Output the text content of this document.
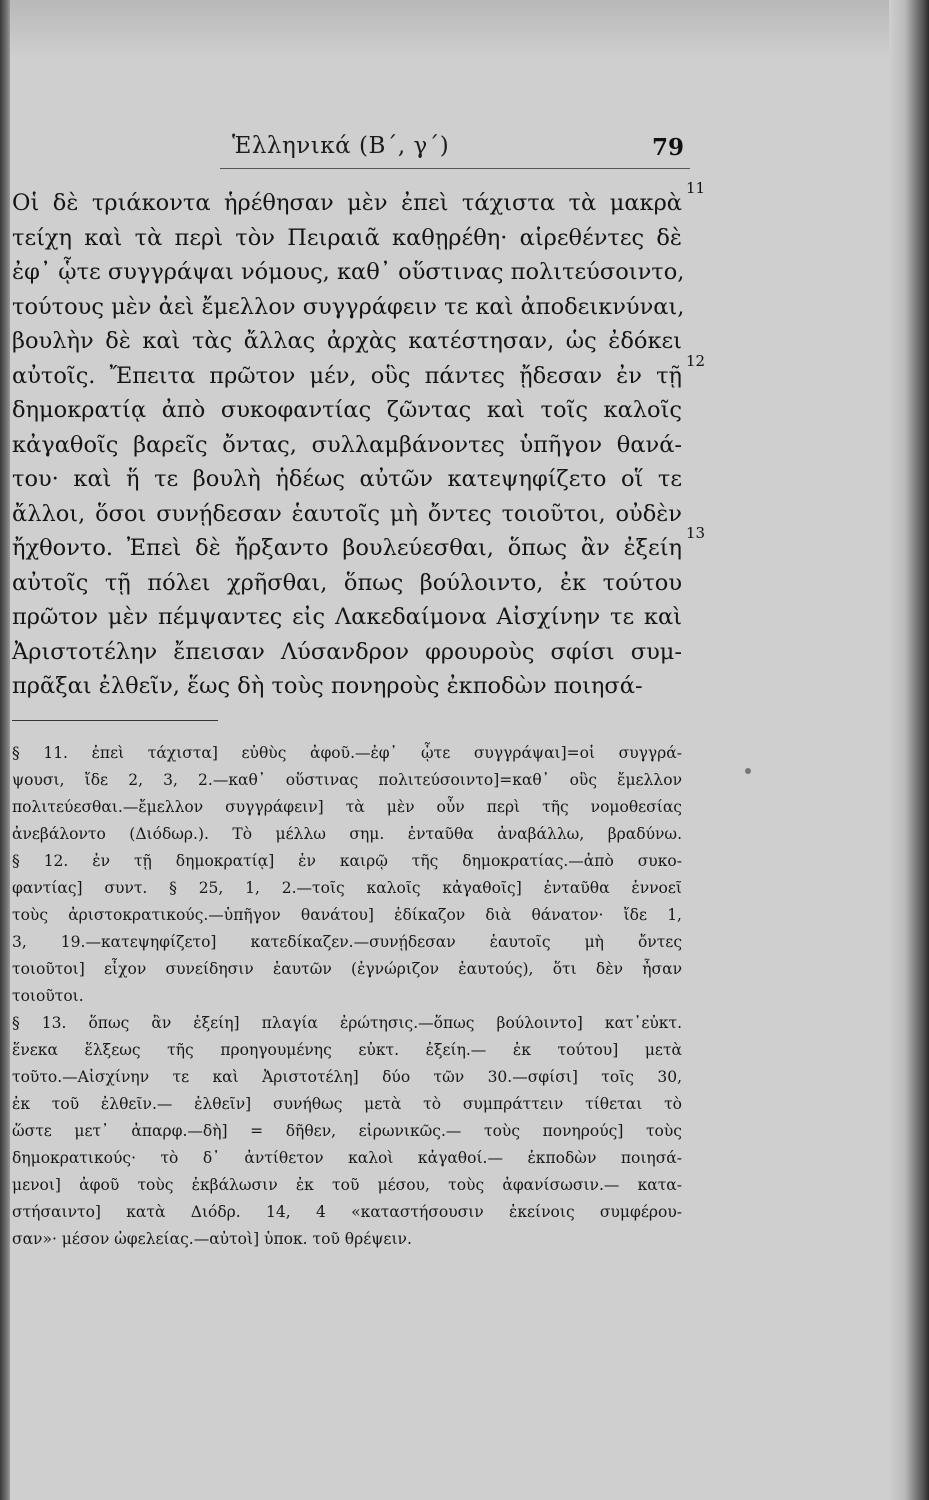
Ἑλληνικά (Β΄, γ΄)	79
Οἱ δὲ τριάκοντα ἡρέθησαν μὲν ἐπεὶ τάχιστα τὰ μακρὰ
11
τείχη καὶ τὰ περὶ τὸν Πειραιᾶ καθῃρέθη· αἱρεθέντες δὲ
ἐφ᾽ ᾧτε συγγράψαι νόμους, καθ᾽ οὕστινας πολιτεύσοιντο,
τούτους μὲν ἀεὶ ἔμελλον συγγράφειν τε καὶ ἀποδεικνύναι,
βουλὴν δὲ καὶ τὰς ἄλλας ἀρχὰς κατέστησαν, ὡς ἐδόκει
αὐτοῖς. Ἔπειτα πρῶτον μέν, οὓς πάντες ᾔδεσαν ἐν τῇ
12
δημοκρατίᾳ ἀπὸ συκοφαντίας ζῶντας καὶ τοῖς καλοῖς
κἀγαθοῖς βαρεῖς ὄντας, συλλαμβάνοντες ὑπῆγον θανά-
του· καὶ ἥ τε βουλὴ ἡδέως αὐτῶν κατεψηφίζετο οἵ τε
ἄλλοι, ὅσοι συνῄδεσαν ἑαυτοῖς μὴ ὄντες τοιοῦτοι, οὐδὲν
ἤχθοντο. Ἐπεὶ δὲ ἤρξαντο βουλεύεσθαι, ὅπως ἂν ἐξείη
13
αὐτοῖς τῇ πόλει χρῆσθαι, ὅπως βούλοιντο, ἐκ τούτου
πρῶτον μὲν πέμψαντες εἰς Λακεδαίμονα Αἰσχίνην τε καὶ
Ἀριστοτέλην ἔπεισαν Λύσανδρον φρουροὺς σφίσι συμ-
πρᾶξαι ἐλθεῖν, ἕως δὴ τοὺς πονηροὺς ἐκποδὼν ποιησά-
§ 11. ἐπεὶ τάχιστα] εὐθὺς ἀφοῦ.—ἐφ᾽ ᾧτε συγγράψαι]=οἱ συγγρά-
ψουσι, ἴδε 2, 3, 2.—καθ᾽ οὕστινας πολιτεύσοιντο]=καθ᾽ οὓς ἔμελλον
πολιτεύεσθαι.—ἔμελλον συγγράφειν] τὰ μὲν οὖν περὶ τῆς νομοθεσίας
ἀνεβάλοντο (Διόδωρ.). Τὸ μέλλω σημ. ἐνταῦθα ἀναβάλλω, βραδύνω.
§ 12. ἐν τῇ δημοκρατίᾳ] ἐν καιρῷ τῆς δημοκρατίας.—ἀπὸ συκο-
φαντίας] συντ. § 25, 1, 2.—τοῖς καλοῖς κἀγαθοῖς] ἐνταῦθα ἐννοεῖ
τοὺς ἀριστοκρατικούς.—ὑπῆγον θανάτου] ἐδίκαζον διὰ θάνατον· ἴδε 1,
3, 19.—κατεψηφίζετο] κατεδίκαζεν.—συνῄδεσαν ἑαυτοῖς μὴ ὄντες
τοιοῦτοι] εἶχον συνείδησιν ἑαυτῶν (ἐγνώριζον ἑαυτούς), ὅτι δὲν ἦσαν
τοιοῦτοι.
§ 13. ὅπως ἂν ἐξείη] πλαγία ἐρώτησις.—ὅπως βούλοιντο] κατ᾽εὐκτ.
ἕνεκα ἕλξεως τῆς προηγουμένης εὐκτ. ἐξείη.— ἐκ τούτου] μετὰ
τοῦτο.—Αἰσχίνην τε καὶ Ἀριστοτέλη] δύο τῶν 30.—σφίσι] τοῖς 30,
ἐκ τοῦ ἐλθεῖν.— ἐλθεῖν] συνήθως μετὰ τὸ συμπράττειν τίθεται τὸ
ὥστε μετ᾽ ἀπαρφ.—δὴ] = δῆθεν, εἰρωνικῶς.— τοὺς πονηρούς] τοὺς
δημοκρατικούς· τὸ δ᾽ ἀντίθετον καλοὶ κἀγαθοί.— ἐκποδὼν ποιησά-
μενοι] ἀφοῦ τοὺς ἐκβάλωσιν ἐκ τοῦ μέσου, τοὺς ἀφανίσωσιν.— κατα-
στήσαιντο] κατὰ Διόδρ. 14, 4 «καταστήσουσιν ἐκείνοις συμφέρου-
σαν»· μέσον ὠφελείας.—αὐτοὶ] ὑποκ. τοῦ θρέψειν.
